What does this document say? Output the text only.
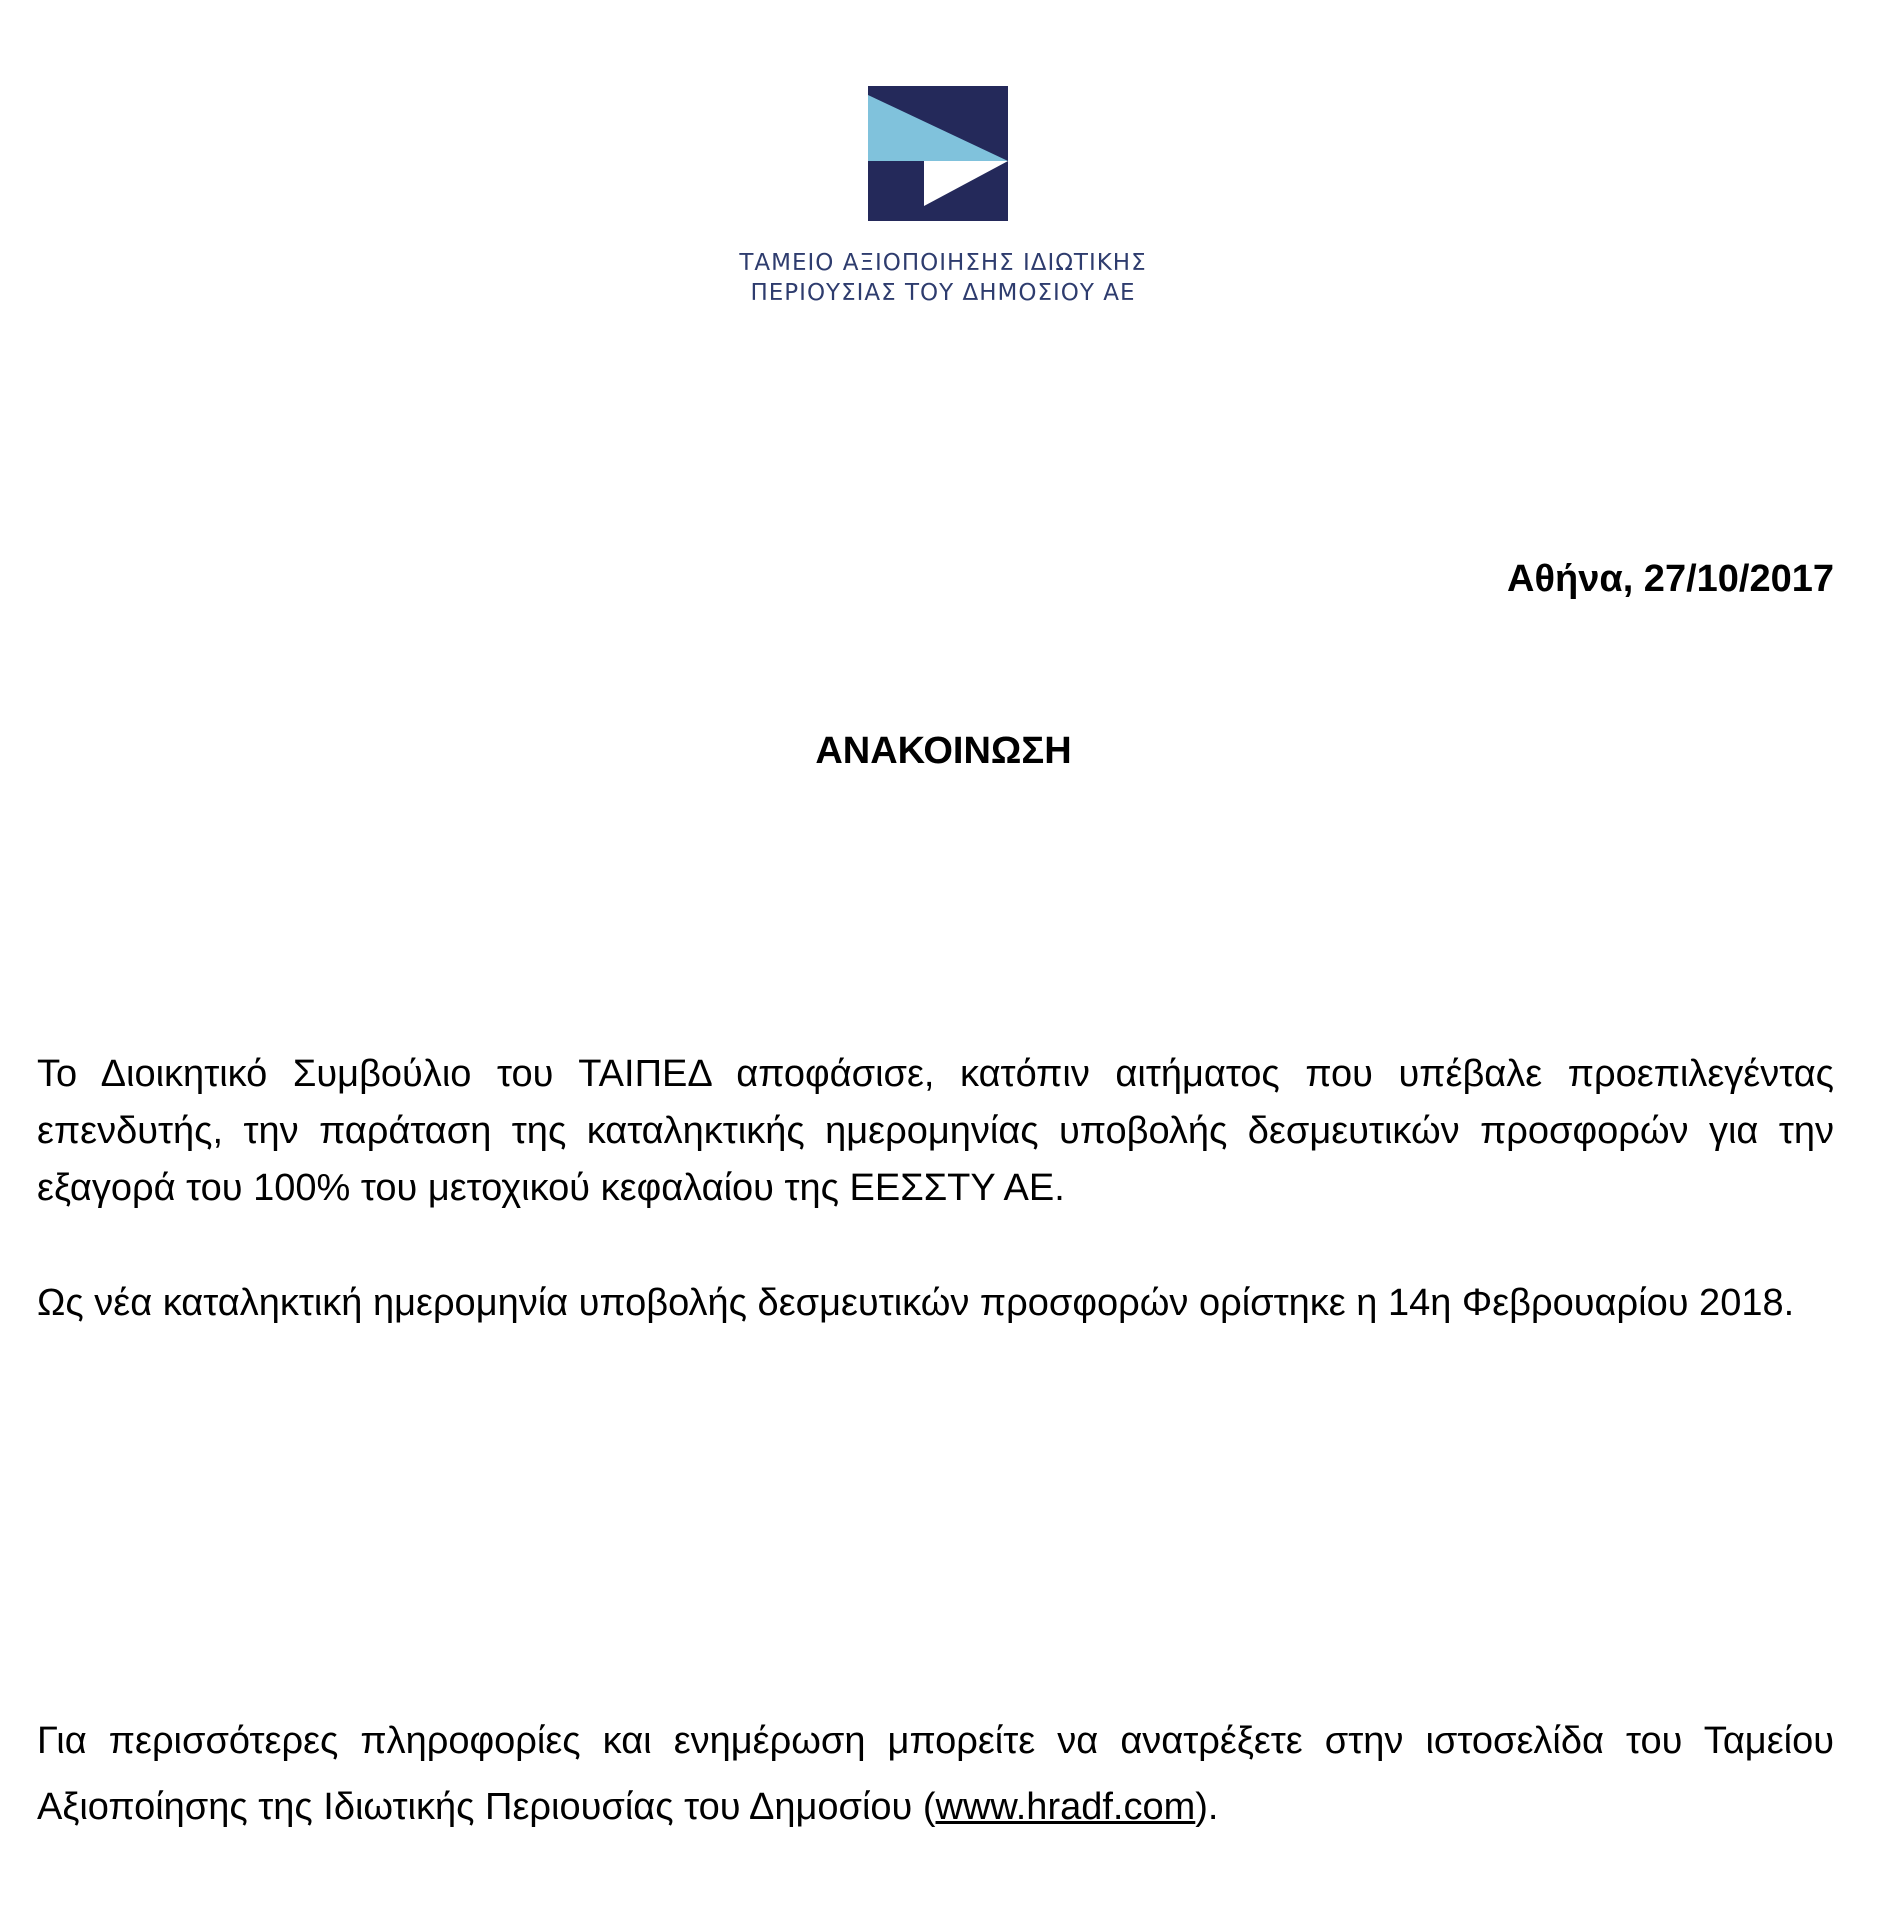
ΤΑΜΕΙΟ ΑΞΙΟΠΟΙΗΣΗΣ ΙΔΙΩΤΙΚΗΣ
ΠΕΡΙΟΥΣΙΑΣ ΤΟΥ ΔΗΜΟΣΙΟΥ ΑΕ
Αθήνα, 27/10/2017
ΑΝΑΚΟΙΝΩΣΗ
Το Διοικητικό Συμβούλιο του ΤΑΙΠΕΔ αποφάσισε, κατόπιν αιτήματος που υπέβαλε προεπιλεγέντας επενδυτής, την παράταση της καταληκτικής ημερομηνίας υποβολής δεσμευτικών προσφορών για την εξαγορά του 100% του μετοχικού κεφαλαίου της ΕΕΣΣΤΥ ΑΕ.
Ως νέα καταληκτική ημερομηνία υποβολής δεσμευτικών προσφορών ορίστηκε η 14η Φεβρουαρίου 2018.
Για περισσότερες πληροφορίες και ενημέρωση μπορείτε να ανατρέξετε στην ιστοσελίδα του Ταμείου Αξιοποίησης της Ιδιωτικής Περιουσίας του Δημοσίου (www.hradf.com).
